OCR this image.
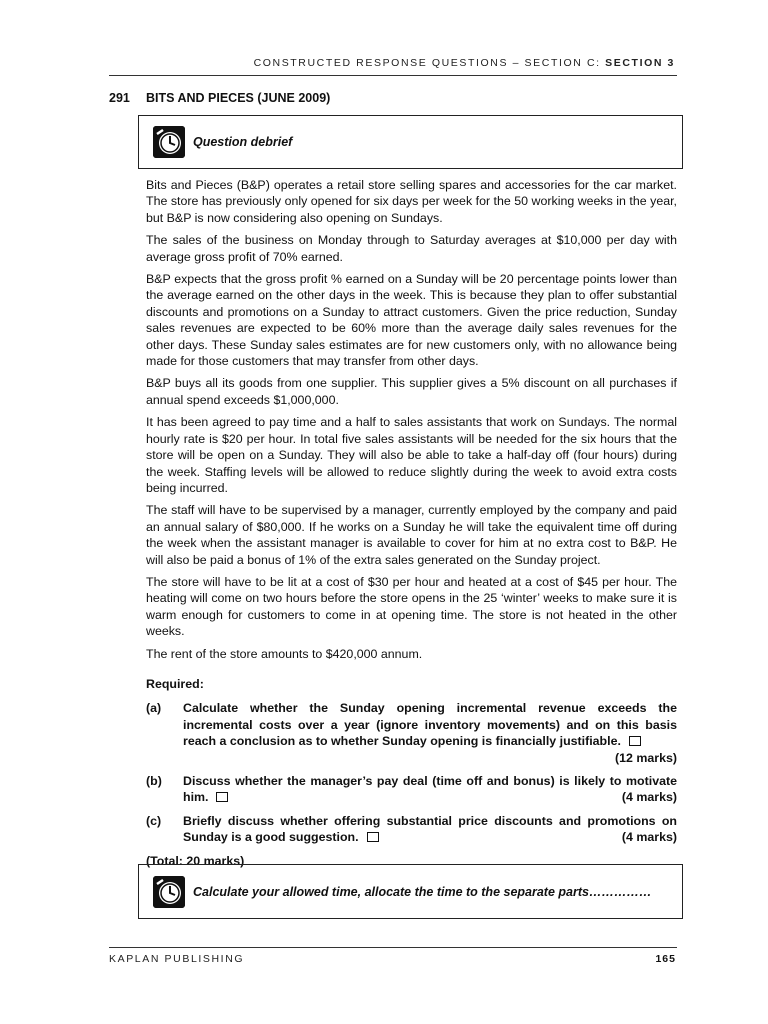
CONSTRUCTED RESPONSE QUESTIONS – SECTION C: SECTION 3
291 BITS AND PIECES (JUNE 2009)
Question debrief

Bits and Pieces (B&P) operates a retail store selling spares and accessories for the car market. The store has previously only opened for six days per week for the 50 working weeks in the year, but B&P is now considering also opening on Sundays.

The sales of the business on Monday through to Saturday averages at $10,000 per day with average gross profit of 70% earned.

B&P expects that the gross profit % earned on a Sunday will be 20 percentage points lower than the average earned on the other days in the week. This is because they plan to offer substantial discounts and promotions on a Sunday to attract customers. Given the price reduction, Sunday sales revenues are expected to be 60% more than the average daily sales revenues for the other days. These Sunday sales estimates are for new customers only, with no allowance being made for those customers that may transfer from other days.

B&P buys all its goods from one supplier. This supplier gives a 5% discount on all purchases if annual spend exceeds $1,000,000.

It has been agreed to pay time and a half to sales assistants that work on Sundays. The normal hourly rate is $20 per hour. In total five sales assistants will be needed for the six hours that the store will be open on a Sunday. They will also be able to take a half-day off (four hours) during the week. Staffing levels will be allowed to reduce slightly during the week to avoid extra costs being incurred.

The staff will have to be supervised by a manager, currently employed by the company and paid an annual salary of $80,000. If he works on a Sunday he will take the equivalent time off during the week when the assistant manager is available to cover for him at no extra cost to B&P. He will also be paid a bonus of 1% of the extra sales generated on the Sunday project.

The store will have to be lit at a cost of $30 per hour and heated at a cost of $45 per hour. The heating will come on two hours before the store opens in the 25 ‘winter’ weeks to make sure it is warm enough for customers to come in at opening time. The store is not heated in the other weeks.

The rent of the store amounts to $420,000 annum.

Required:

(a)	Calculate whether the Sunday opening incremental revenue exceeds the incremental costs over a year (ignore inventory movements) and on this basis reach a conclusion as to whether Sunday opening is financially justifiable.
(12 marks)
(b)	Discuss whether the manager’s pay deal (time off and bonus) is likely to motivate him.	(4 marks)
(c)	Briefly discuss whether offering substantial price discounts and promotions on Sunday is a good suggestion.	(4 marks)

(Total: 20 marks)

Calculate your allowed time, allocate the time to the separate parts……………
KAPLAN PUBLISHING	165
